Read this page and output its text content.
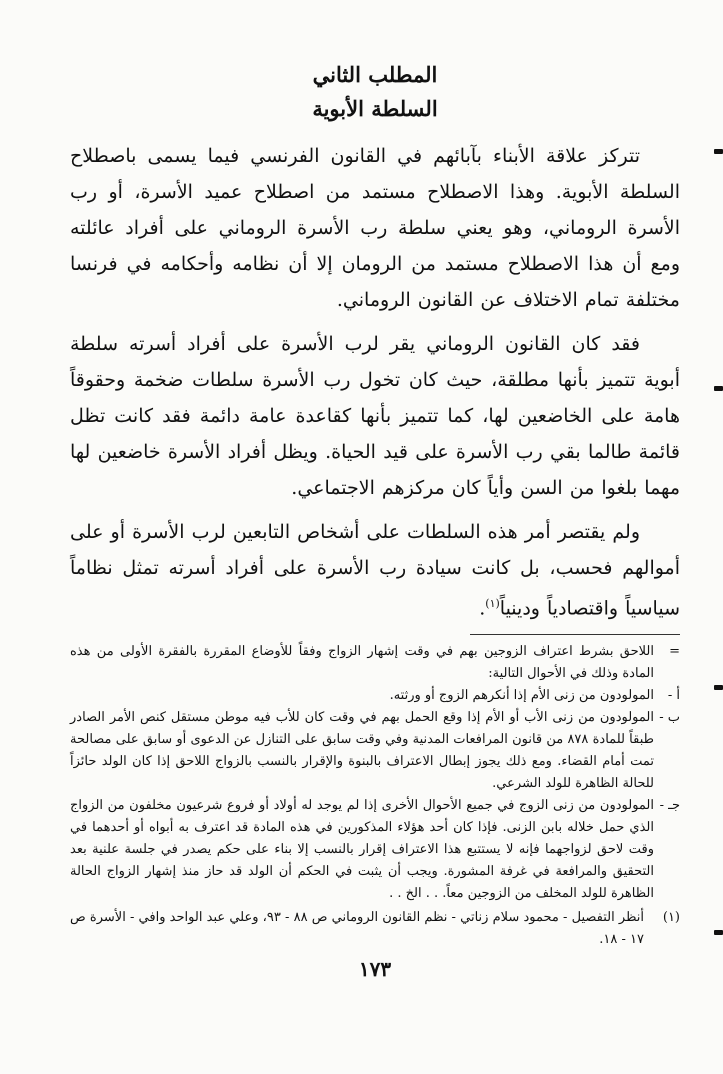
المطلب الثاني
السلطة الأبوية

تتركز علاقة الأبناء بآبائهم في القانون الفرنسي فيما يسمى باصطلاح السلطة الأبوية. وهذا الاصطلاح مستمد من اصطلاح عميد الأسرة، أو رب الأسرة الروماني، وهو يعني سلطة رب الأسرة الروماني على أفراد عائلته ومع أن هذا الاصطلاح مستمد من الرومان إلا أن نظامه وأحكامه في فرنسا مختلفة تمام الاختلاف عن القانون الروماني.

فقد كان القانون الروماني يقر لرب الأسرة على أفراد أسرته سلطة أبوية تتميز بأنها مطلقة، حيث كان تخول رب الأسرة سلطات ضخمة وحقوقاً هامة على الخاضعين لها، كما تتميز بأنها كقاعدة عامة دائمة فقد كانت تظل قائمة طالما بقي رب الأسرة على قيد الحياة. ويظل أفراد الأسرة خاضعين لها مهما بلغوا من السن وأياً كان مركزهم الاجتماعي.

ولم يقتصر أمر هذه السلطات على أشخاص التابعين لرب الأسرة أو على أموالهم فحسب، بل كانت سيادة رب الأسرة على أفراد أسرته تمثل نظاماً سياسياً واقتصادياً ودينياً$^{(١)}$.

=
اللاحق بشرط اعتراف الزوجين بهم في وقت إشهار الزواج وفقاً للأوضاع المقررة بالفقرة الأولى من هذه المادة وذلك في الأحوال التالية:
أ -
المولودون من زنى الأم إذا أنكرهم الزوج أو ورثته.
ب -
المولودون من زنى الأب أو الأم إذا وقع الحمل بهم في وقت كان للأب فيه موطن مستقل كنص الأمر الصادر طبقاً للمادة ٨٧٨ من قانون المرافعات المدنية وفي وقت سابق على التنازل عن الدعوى أو سابق على مصالحة تمت أمام القضاء. ومع ذلك يجوز إبطال الاعتراف بالبنوة والإقرار بالنسب بالزواج اللاحق إذا كان الولد حائزاً للحالة الظاهرة للولد الشرعي.
جـ -
المولودون من زنى الزوج في جميع الأحوال الأخرى إذا لم يوجد له أولاد أو فروع شرعيون مخلفون من الزواج الذي حمل خلاله بابن الزنى. فإذا كان أحد هؤلاء المذكورين في هذه المادة قد اعترف به أبواه أو أحدهما في وقت لاحق لزواجهما فإنه لا يستتبع هذا الاعتراف إقرار بالنسب إلا بناء على حكم يصدر في جلسة علنية بعد التحقيق والمرافعة في غرفة المشورة. ويجب أن يثبت في الحكم أن الولد قد حاز منذ إشهار الزواج الحالة الظاهرة للولد المخلف من الزوجين معاً. . . الخ . .
(١)
أنظر التفصيل - محمود سلام زناتي - نظم القانون الروماني ص ٨٨ - ٩٣، وعلي عبد الواحد وافي - الأسرة ص ١٧ - ١٨.
١٧٣
